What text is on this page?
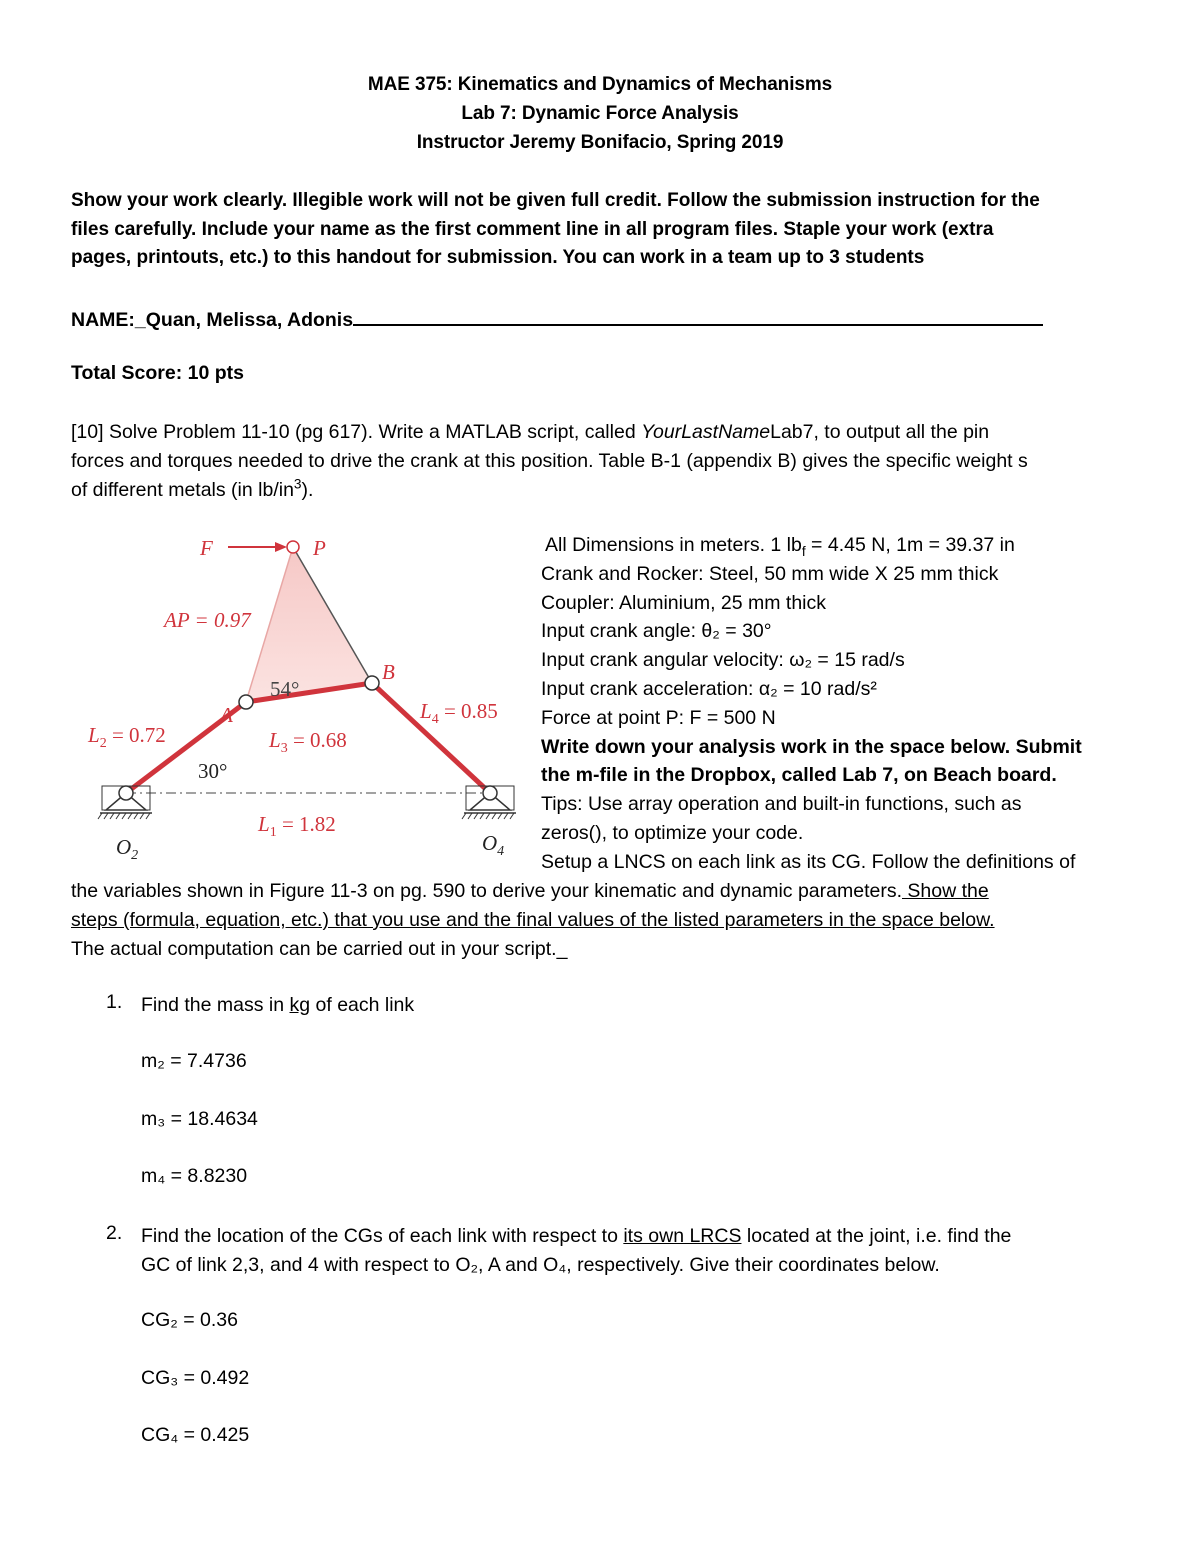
MAE 375: Kinematics and Dynamics of Mechanisms
Lab 7: Dynamic Force Analysis
Instructor Jeremy Bonifacio, Spring 2019
Show your work clearly. Illegible work will not be given full credit. Follow the submission instruction for the
files carefully. Include your name as the first comment line in all program files. Staple your work (extra
pages, printouts, etc.) to this handout for submission. You can work in a team up to 3 students
NAME:_Quan, Melissa, Adonis
Total Score: 10 pts
[10] Solve Problem 11-10 (pg 617). Write a MATLAB script, called YourLastNameLab7, to output all the pin
forces and torques needed to drive the crank at this position. Table B-1 (appendix B) gives the specific weight s
of different metals (in $lb/in^3$).
F	P
AP = 0.97
54°
B
A	$L_4 = 0.85$
$L_2 = 0.72$	$L_3 = 0.68$
30°
$L_1 = 1.82$
$O_2$
$O_4$
All Dimensions in meters. 1 $lb_f = 4.45$ N, 1m = 39.37 in
Crank and Rocker: Steel, 50 mm wide X 25 mm thick
Coupler: Aluminium, 25 mm thick
Input crank angle: θ₂ = 30°
Input crank angular velocity: ω₂ = 15 rad/s
Input crank acceleration: α₂ = 10 rad/s²
Force at point P: F = 500 N
Write down your analysis work in the space below. Submit
the m-file in the Dropbox, called Lab 7, on Beach board.
Tips: Use array operation and built-in functions, such as
zeros(), to optimize your code.
Setup a LNCS on each link as its CG. Follow the definitions of
the variables shown in Figure 11-3 on pg. 590 to derive your kinematic and dynamic parameters. Show the
steps (formula, equation, etc.) that you use and the final values of the listed parameters in the space below.
The actual computation can be carried out in your script._
1. Find the mass in kg of each link
m₂ = 7.4736
m₃ = 18.4634
m₄ = 8.8230
2. Find the location of the CGs of each link with respect to its own LRCS located at the joint, i.e. find the
GC of link 2,3, and 4 with respect to O₂, A and O₄, respectively. Give their coordinates below.
CG₂ = 0.36
CG₃ = 0.492
CG₄ = 0.425
